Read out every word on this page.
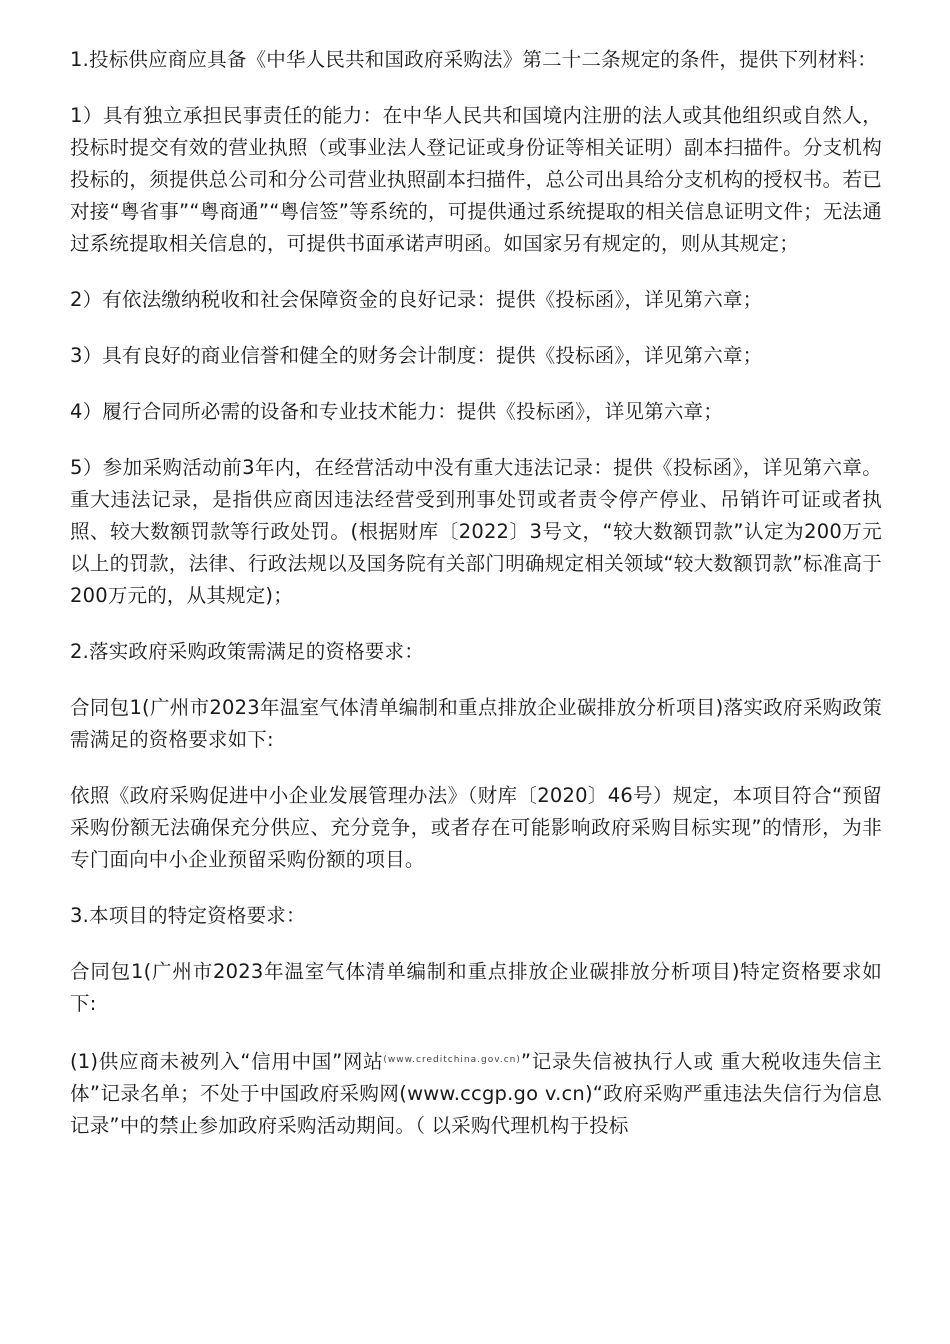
1.投标供应商应具备《中华人民共和国政府采购法》第二十二条规定的条件，提供下列材料：

1）具有独立承担民事责任的能力：在中华人民共和国境内注册的法人或其他组织或自然人，投标时提交有效的营业执照（或事业法人登记证或身份证等相关证明）副本扫描件。分支机构投标的，须提供总公司和分公司营业执照副本扫描件，总公司出具给分支机构的授权书。若已对接“粤省事”“粤商通”“粤信签”等系统的，可提供通过系统提取的相关信息证明文件；无法通过系统提取相关信息的，可提供书面承诺声明函。如国家另有规定的，则从其规定；

2）有依法缴纳税收和社会保障资金的良好记录：提供《投标函》，详见第六章；

3）具有良好的商业信誉和健全的财务会计制度：提供《投标函》，详见第六章；

4）履行合同所必需的设备和专业技术能力：提供《投标函》，详见第六章；

5）参加采购活动前3年内，在经营活动中没有重大违法记录：提供《投标函》，详见第六章。重大违法记录，是指供应商因违法经营受到刑事处罚或者责令停产停业、吊销许可证或者执照、较大数额罚款等行政处罚。(根据财库〔2022〕3号文，“较大数额罚款”认定为200万元以上的罚款，法律、行政法规以及国务院有关部门明确规定相关领域“较大数额罚款”标准高于200万元的，从其规定)；

2.落实政府采购政策需满足的资格要求：

合同包1(广州市2023年温室气体清单编制和重点排放企业碳排放分析项目)落实政府采购政策需满足的资格要求如下:

依照《政府采购促进中小企业发展管理办法》（财库〔2020〕46号）规定，本项目符合“预留采购份额无法确保充分供应、充分竞争，或者存在可能影响政府采购目标实现”的情形，为非专门面向中小企业预留采购份额的项目。

3.本项目的特定资格要求：

合同包1(广州市2023年温室气体清单编制和重点排放企业碳排放分析项目)特定资格要求如下:

(1)供应商未被列入“信用中国”网站$^{(www.creditchina.gov.cn)}$”记录失信被执行人或 重大税收违失信主体”记录名单；不处于中国政府采购网(www.ccgp.go v.cn)“政府采购严重违法失信行为信息记录”中的禁止参加政府采购活动期间。（ 以采购代理机构于投标
